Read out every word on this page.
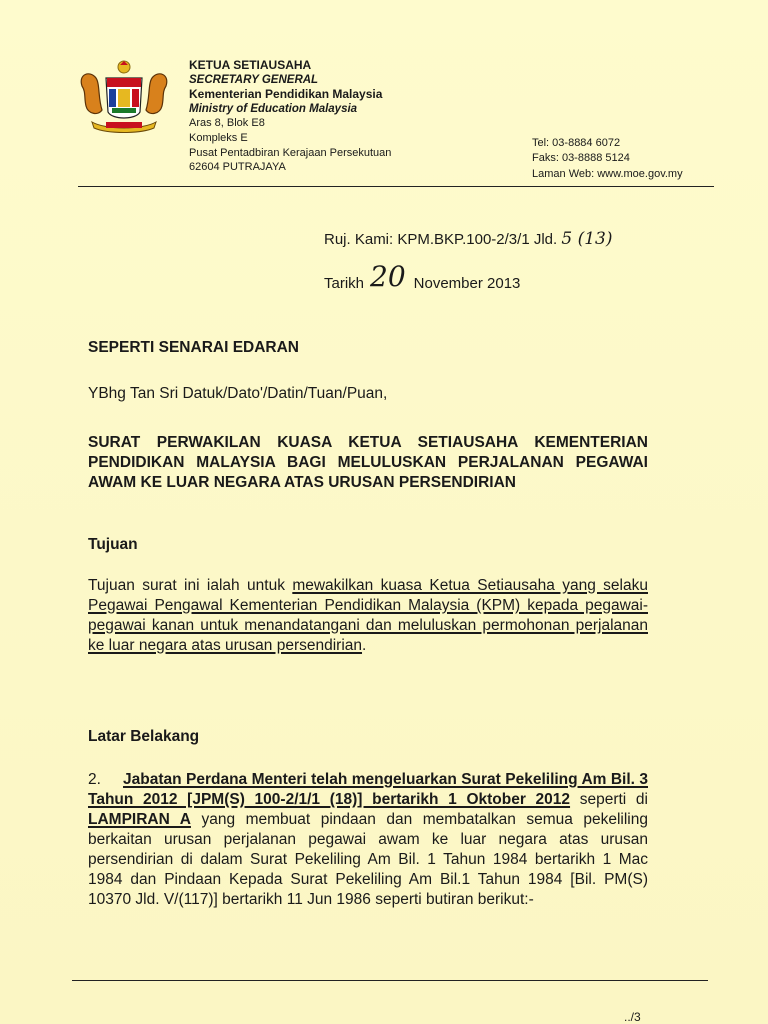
KETUA SETIAUSAHA
SECRETARY GENERAL
Kementerian Pendidikan Malaysia
Ministry of Education Malaysia
Aras 8, Blok E8
Kompleks E
Pusat Pentadbiran Kerajaan Persekutuan
62604 PUTRAJAYA
Tel: 03-8884 6072
Faks: 03-8888 5124
Laman Web: www.moe.gov.my
Ruj. Kami: KPM.BKP.100-2/3/1 Jld. 5 (13)
Tarikh 20 November 2013
SEPERTI SENARAI EDARAN
YBhg Tan Sri Datuk/Dato'/Datin/Tuan/Puan,
SURAT PERWAKILAN KUASA KETUA SETIAUSAHA KEMENTERIAN PENDIDIKAN MALAYSIA BAGI MELULUSKAN PERJALANAN PEGAWAI AWAM KE LUAR NEGARA ATAS URUSAN PERSENDIRIAN
Tujuan
Tujuan surat ini ialah untuk mewakilkan kuasa Ketua Setiausaha yang selaku Pegawai Pengawal Kementerian Pendidikan Malaysia (KPM) kepada pegawai-pegawai kanan untuk menandatangani dan meluluskan permohonan perjalanan ke luar negara atas urusan persendirian.
Latar Belakang
2. Jabatan Perdana Menteri telah mengeluarkan Surat Pekeliling Am Bil. 3 Tahun 2012 [JPM(S) 100-2/1/1 (18)] bertarikh 1 Oktober 2012 seperti di LAMPIRAN A yang membuat pindaan dan membatalkan semua pekeliling berkaitan urusan perjalanan pegawai awam ke luar negara atas urusan persendirian di dalam Surat Pekeliling Am Bil. 1 Tahun 1984 bertarikh 1 Mac 1984 dan Pindaan Kepada Surat Pekeliling Am Bil.1 Tahun 1984 [Bil. PM(S) 10370 Jld. V/(117)] bertarikh 11 Jun 1986 seperti butiran berikut:-
../3
